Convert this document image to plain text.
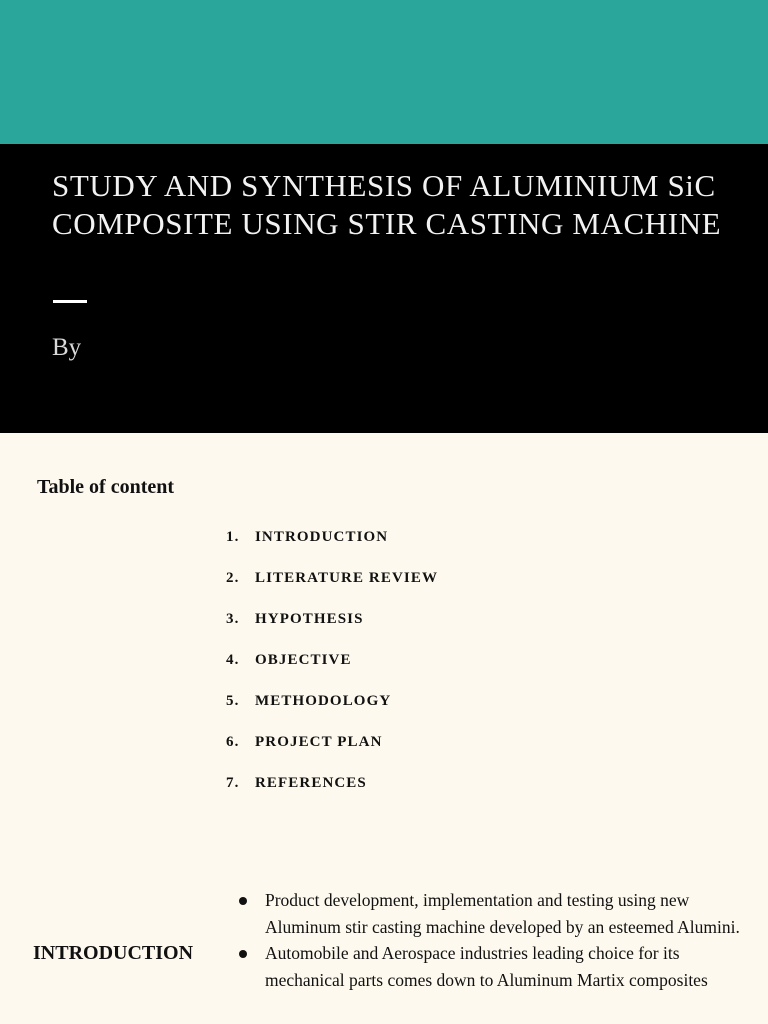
STUDY AND SYNTHESIS OF ALUMINIUM SiC COMPOSITE USING STIR CASTING MACHINE
By
Table of content
1. INTRODUCTION
2. LITERATURE REVIEW
3. HYPOTHESIS
4. OBJECTIVE
5. METHODOLOGY
6. PROJECT PLAN
7. REFERENCES
INTRODUCTION
Product development, implementation and testing using new Aluminum stir casting machine developed by an esteemed Alumini.
Automobile and Aerospace industries leading choice for its mechanical parts comes down to Aluminum Martix composites
